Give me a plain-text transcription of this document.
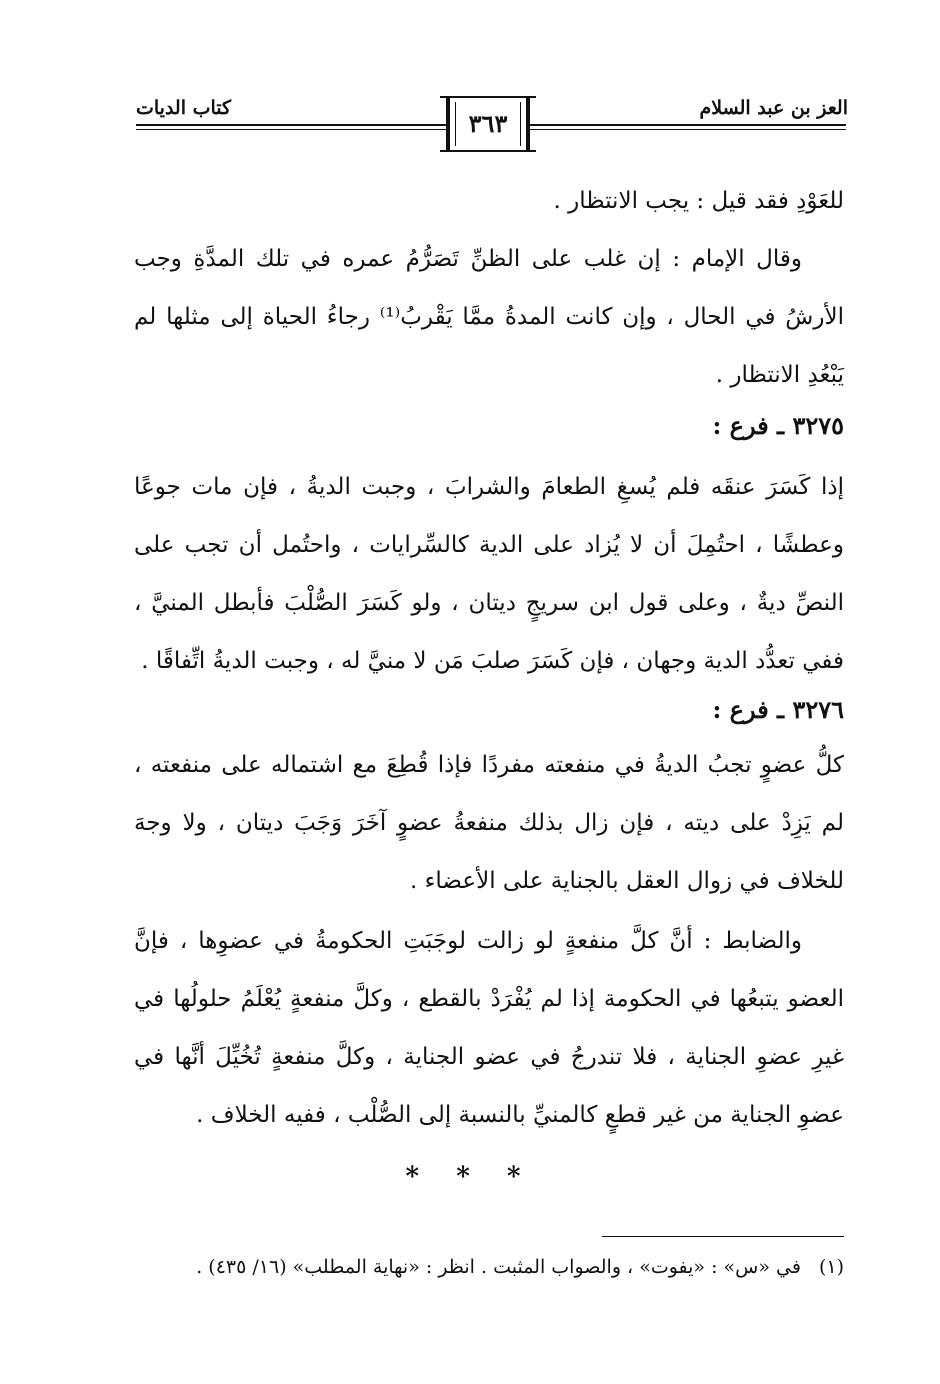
العز بن عبد السلام
كتاب الديات
٣٦٣
للعَوْدِ فقد قيل : يجب الانتظار .
وقال الإمام : إن غلب على الظنِّ تَصَرُّمُ عمره في تلك المدَّةِ وجب الأرشُ في الحال ، وإن كانت المدةُ ممَّا يَقْربُ⁽¹⁾ رجاءُ الحياة إلى مثلها لم يَبْعُدِ الانتظار .
٣٢٧٥ ـ فرع :
إذا كَسَرَ عنقَه فلم يُسغِ الطعامَ والشرابَ ، وجبت الديةُ ، فإن مات جوعًا وعطشًا ، احتُمِلَ أن لا يُزاد على الدية كالسِّرايات ، واحتُمل أن تجب على النصِّ ديةٌ ، وعلى قول ابن سريجٍ ديتان ، ولو كَسَرَ الصُّلْبَ فأبطل المنيَّ ، ففي تعدُّد الدية وجهان ، فإن كَسَرَ صلبَ مَن لا منيَّ له ، وجبت الديةُ اتِّفاقًا .
٣٢٧٦ ـ فرع :
كلُّ عضوٍ تجبُ الديةُ في منفعته مفردًا فإذا قُطِعَ مع اشتماله على منفعته ، لم يَزِدْ على ديته ، فإن زال بذلك منفعةُ عضوٍ آخَرَ وَجَبَ ديتان ، ولا وجهَ للخلاف في زوال العقل بالجناية على الأعضاء .
والضابط : أنَّ كلَّ منفعةٍ لو زالت لوجَبَتِ الحكومةُ في عضوِها ، فإنَّ العضو يتبعُها في الحكومة إذا لم يُفْرَدْ بالقطع ، وكلَّ منفعةٍ يُعْلَمُ حلولُها في غيرِ عضوِ الجناية ، فلا تندرجُ في عضو الجناية ، وكلَّ منفعةٍ تُخُيِّلَ أنَّها في عضوِ الجناية من غير قطعٍ كالمنيِّ بالنسبة إلى الصُّلْب ، ففيه الخلاف .
* * *
(١)في «س» : «يفوت» ، والصواب المثبت . انظر : «نهاية المطلب» (١٦/ ٤٣٥) .
